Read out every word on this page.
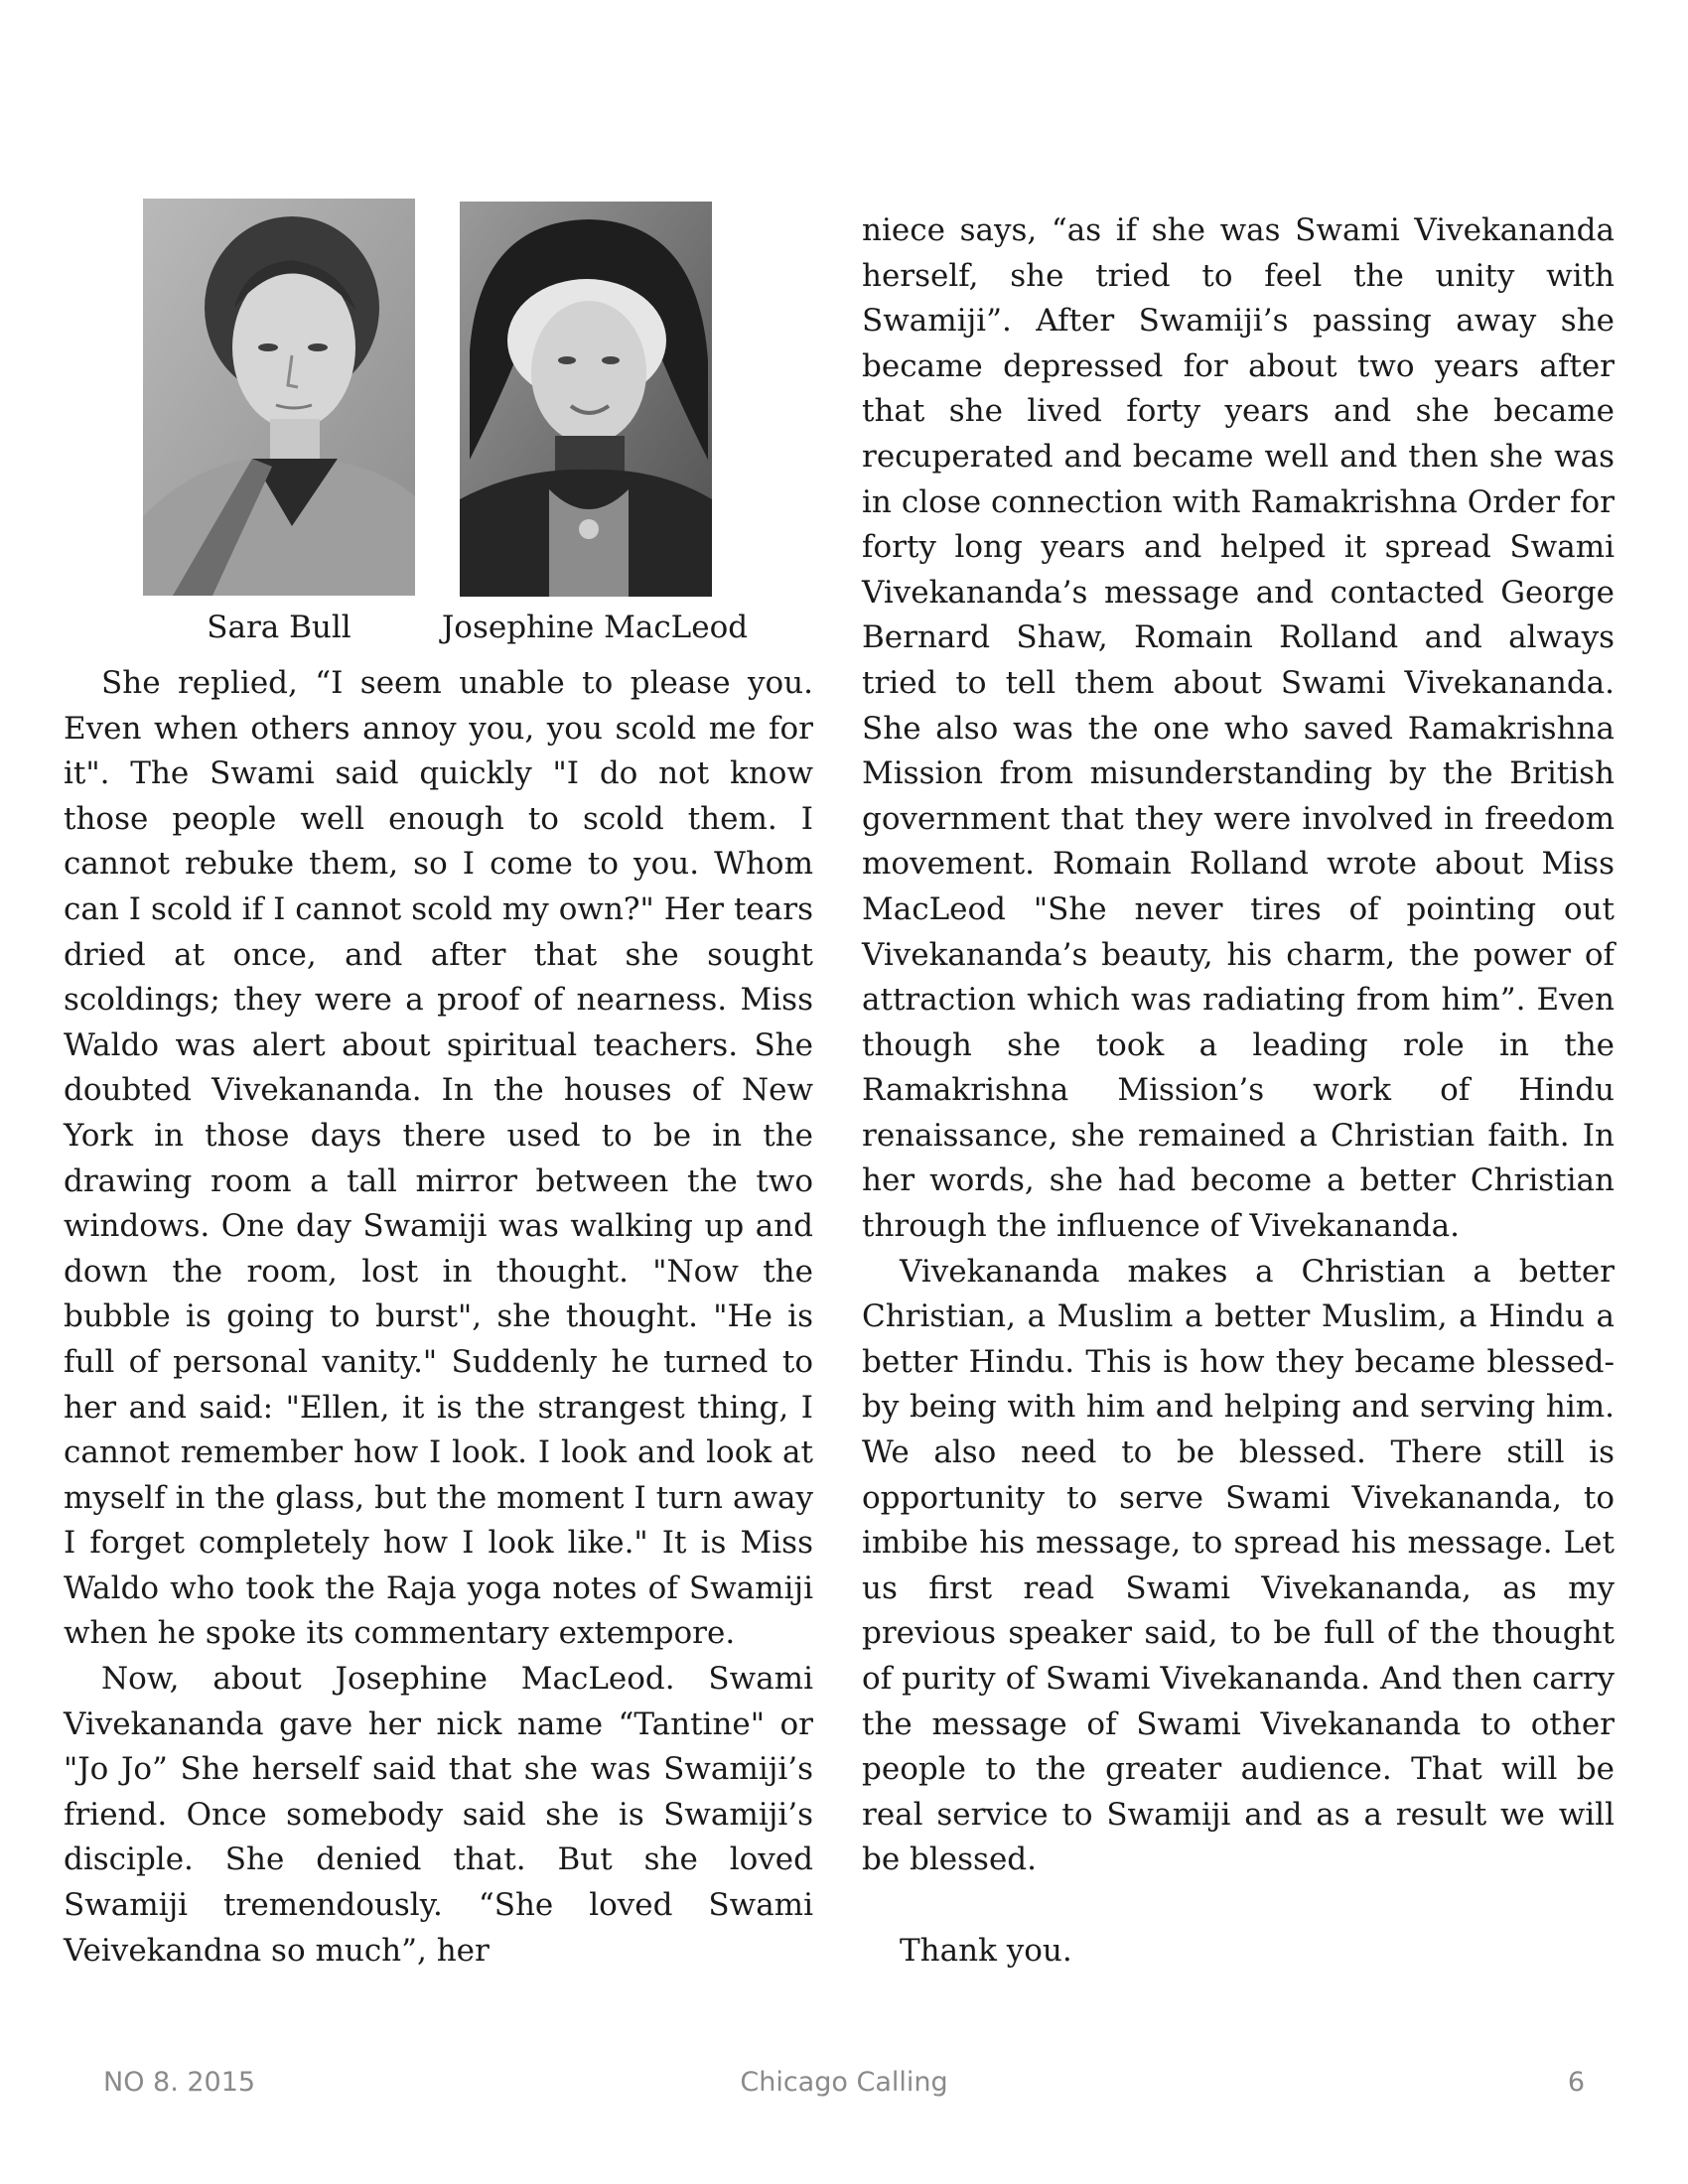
Sara Bull	Josephine MacLeod

She replied, “I seem unable to please you. Even when others annoy you, you scold me for it". The Swami said quickly "I do not know those people well enough to scold them. I cannot rebuke them, so I come to you. Whom can I scold if I cannot scold my own?" Her tears dried at once, and after that she sought scoldings; they were a proof of nearness. Miss Waldo was alert about spiritual teachers. She doubted Vivekananda. In the houses of New York in those days there used to be in the drawing room a tall mirror between the two windows. One day Swamiji was walking up and down the room, lost in thought. "Now the bubble is going to burst", she thought. "He is full of personal vanity." Suddenly he turned to her and said: "Ellen, it is the strangest thing, I cannot remember how I look. I look and look at myself in the glass, but the moment I turn away I forget completely how I look like." It is Miss Waldo who took the Raja yoga notes of Swamiji when he spoke its commentary extempore.

Now, about Josephine MacLeod. Swami Vivekananda gave her nick name “Tantine" or "Jo Jo” She herself said that she was Swamiji’s friend. Once somebody said she is Swamiji’s disciple. She denied that. But she loved Swamiji tremendously. “She loved Swami Veivekandna so much”, her

niece says, “as if she was Swami Vivekananda herself, she tried to feel the unity with Swamiji”. After Swamiji’s passing away she became depressed for about two years after that she lived forty years and she became recuperated and became well and then she was in close connection with Ramakrishna Order for forty long years and helped it spread Swami Vivekananda’s message and contacted George Bernard Shaw, Romain Rolland and always tried to tell them about Swami Vivekananda. She also was the one who saved Ramakrishna Mission from misunderstanding by the British government that they were involved in freedom movement. Romain Rolland wrote about Miss MacLeod "She never tires of pointing out Vivekananda’s beauty, his charm, the power of attraction which was radiating from him”. Even though she took a leading role in the Ramakrishna Mission’s work of Hindu renaissance, she remained a Christian faith. In her words, she had become a better Christian through the influence of Vivekananda.

Vivekananda makes a Christian a better Christian, a Muslim a better Muslim, a Hindu a better Hindu. This is how they became blessed- by being with him and helping and serving him. We also need to be blessed. There still is opportunity to serve Swami Vivekananda, to imbibe his message, to spread his message. Let us first read Swami Vivekananda, as my previous speaker said, to be full of the thought of purity of Swami Vivekananda. And then carry the message of Swami Vivekananda to other people to the greater audience. That will be real service to Swamiji and as a result we will be blessed.

Thank you.

NO 8. 2015	Chicago Calling	6
